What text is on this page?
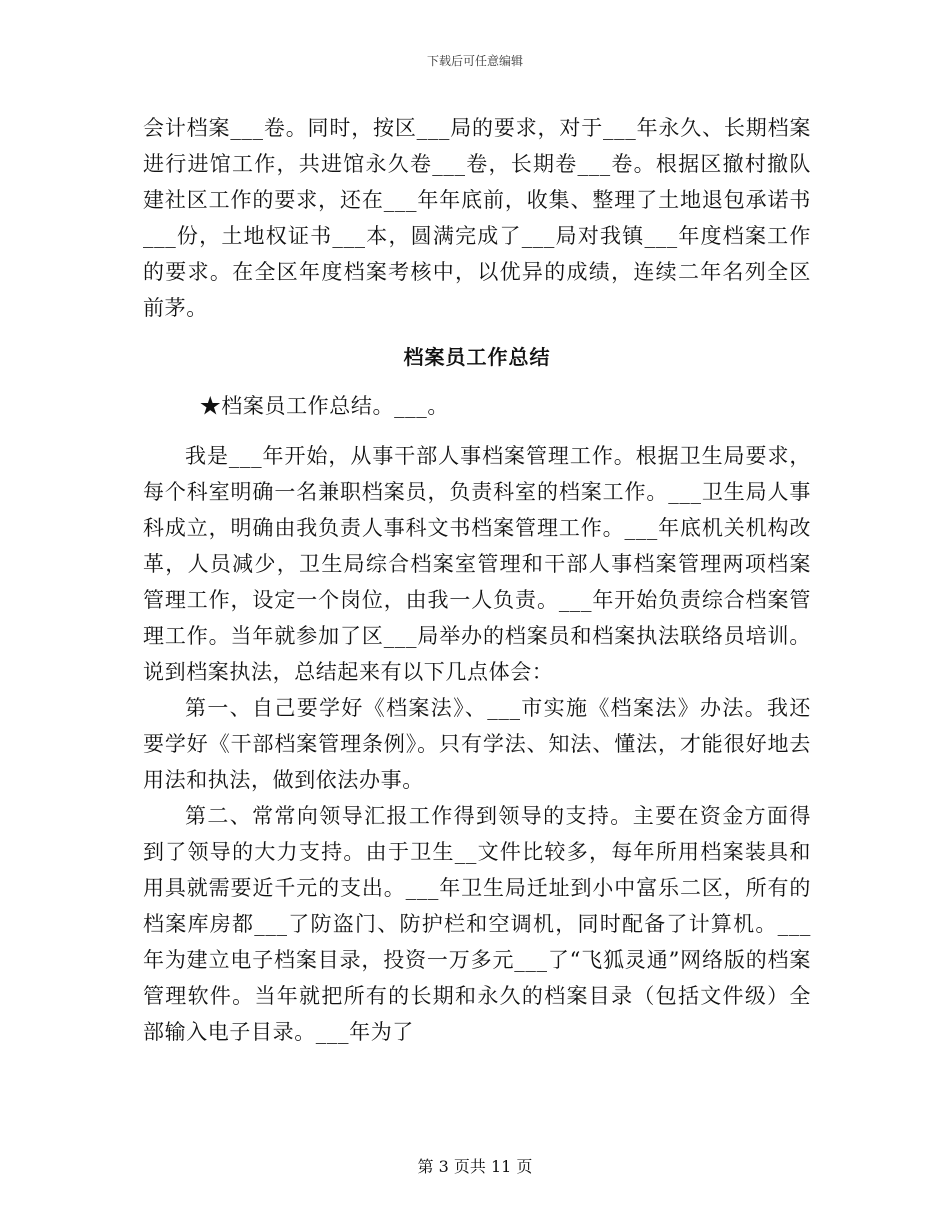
下载后可任意编辑

会计档案___卷。同时，按区___局的要求，对于___年永久、长期档案进行进馆工作，共进馆永久卷___卷，长期卷___卷。根据区撤村撤队建社区工作的要求，还在___年年底前，收集、整理了土地退包承诺书___份，土地权证书___本，圆满完成了___局对我镇___年度档案工作的要求。在全区年度档案考核中，以优异的成绩，连续二年名列全区前茅。

档案员工作总结

★档案员工作总结。___。

我是___年开始，从事干部人事档案管理工作。根据卫生局要求，每个科室明确一名兼职档案员，负责科室的档案工作。___卫生局人事科成立，明确由我负责人事科文书档案管理工作。___年底机关机构改革，人员减少，卫生局综合档案室管理和干部人事档案管理两项档案管理工作，设定一个岗位，由我一人负责。___年开始负责综合档案管理工作。当年就参加了区___局举办的档案员和档案执法联络员培训。说到档案执法，总结起来有以下几点体会：

第一、自己要学好《档案法》、___市实施《档案法》办法。我还要学好《干部档案管理条例》。只有学法、知法、懂法，才能很好地去用法和执法，做到依法办事。

第二、常常向领导汇报工作得到领导的支持。主要在资金方面得到了领导的大力支持。由于卫生__文件比较多，每年所用档案装具和用具就需要近千元的支出。___年卫生局迁址到小中富乐二区，所有的档案库房都___了防盗门、防护栏和空调机，同时配备了计算机。___年为建立电子档案目录，投资一万多元___了“飞狐灵通”网络版的档案管理软件。当年就把所有的长期和永久的档案目录（包括文件级）全部输入电子目录。___年为了

第 3 页共 11 页
